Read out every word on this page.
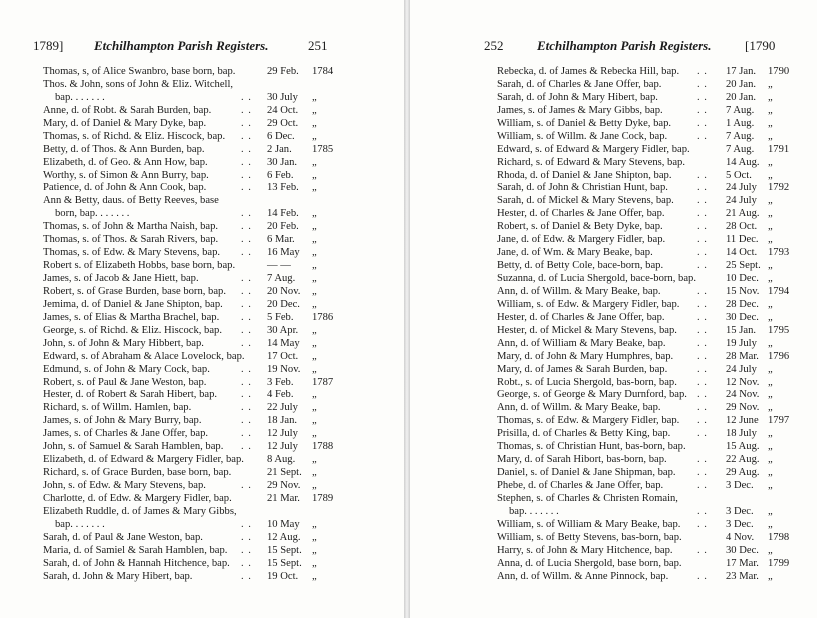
1789] Etchilhampton Parish Registers.	251
Thomas, s, of Alice Swanbro, base born, bap.	29 Feb. 1784
Thos. & John, sons of John & Eliz. Witchell,
bap. . . . . . .	. . 30 July „
Anne, d. of Robt. & Sarah Burden, bap.	. . 24 Oct. „
Mary, d. of Daniel & Mary Dyke, bap.	. . 29 Oct. „
Thomas, s. of Richd. & Eliz. Hiscock, bap. . . 6 Dec. „
Betty, d. of Thos. & Ann Burden, bap.	. . 2 Jan. 1785
Elizabeth, d. of Geo. & Ann How, bap.	. . 30 Jan. „
Worthy, s. of Simon & Ann Burry, bap.	. . 6 Feb. „
Patience, d. of John & Ann Cook, bap.	. . 13 Feb. „
Ann & Betty, daus. of Betty Reeves, base
born, bap. . . . . . .	. . 14 Feb. „
Thomas, s. of John & Martha Naish, bap. . . 20 Feb. „
Thomas, s. of Thos. & Sarah Rivers, bap. . . 6 Mar. „
Thomas, s. of Edw. & Mary Stevens, bap. . . 16 May „
Robert s. of Elizabeth Hobbs, base born, bap.	— — „
James, s. of Jacob & Jane Hiett, bap.	. . 7 Aug. „
Robert, s. of Grase Burden, base born, bap. . . 20 Nov. „
Jemima, d. of Daniel & Jane Shipton, bap. . . 20 Dec. „
James, s. of Elias & Martha Brachel, bap. . . 5 Feb. 1786
George, s. of Richd. & Eliz. Hiscock, bap. . . 30 Apr. „
John, s. of John & Mary Hibbert, bap.	. . 14 May „
Edward, s. of Abraham & Alace Lovelock, bap. 17 Oct. „
Edmund, s. of John & Mary Cock, bap.	. . 19 Nov. „
Robert, s. of Paul & Jane Weston, bap.	. . 3 Feb. 1787
Hester, d. of Robert & Sarah Hibert, bap. . . 4 Feb. „
Richard, s. of Willm. Hamlen, bap.	. . 22 July „
James, s. of John & Mary Burry, bap.	. . 18 Jan. „
James, s. of Charles & Jane Offer, bap.	. . 12 July „
John, s. of Samuel & Sarah Hamblen, bap. . . 12 July 1788
Elizabeth, d. of Edward & Margery Fidler, bap. 8 Aug. „
Richard, s. of Grace Burden, base born, bap.	21 Sept. „
John, s. of Edw. & Mary Stevens, bap.	. . 29 Nov. „
Charlotte, d. of Edw. & Margery Fidler, bap.	21 Mar. 1789
Elizabeth Ruddle, d. of James & Mary Gibbs,
bap. . . . . . .	. . 10 May „
Sarah, d. of Paul & Jane Weston, bap.	. . 12 Aug. „
Maria, d. of Samiel & Sarah Hamblen, bap. . . 15 Sept. „
Sarah, d. of John & Hannah Hitchence, bap. . . 15 Sept. „
Sarah, d. John & Mary Hibert, bap.	. . 19 Oct. „
252	Etchilhampton Parish Registers.	[1790
Rebecka, d. of James & Rebecka Hill, bap. . . 17 Jan. 1790
Sarah, d. of Charles & Jane Offer, bap.	. . 20 Jan. „
Sarah, d. of John & Mary Hibert, bap.	. . 20 Jan. „
James, s. of James & Mary Gibbs, bap.	. . 7 Aug. „
William, s. of Daniel & Betty Dyke, bap. . . 1 Aug. „
William, s. of Willm. & Jane Cock, bap.	. . 7 Aug. „
Edward, s. of Edward & Margery Fidler, bap.	7 Aug. 1791
Richard, s. of Edward & Mary Stevens, bap.	14 Aug. „
Rhoda, d. of Daniel & Jane Shipton, bap. . . 5 Oct. „
Sarah, d. of John & Christian Hunt, bap.	. . 24 July 1792
Sarah, d. of Mickel & Mary Stevens, bap. . . 24 July „
Hester, d. of Charles & Jane Offer, bap.	. . 21 Aug. „
Robert, s. of Daniel & Bety Dyke, bap.	. . 28 Oct. „
Jane, d. of Edw. & Margery Fidler, bap.	. . 11 Dec. „
Jane, d. of Wm. & Mary Beake, bap.	. . 14 Oct. 1793
Betty, d. of Betty Cole, bace-born, bap.	. . 25 Sept. „
Suzanna, d. of Lucia Shergold, bace-born, bap.	10 Dec. „
Ann, d. of Willm. & Mary Beake, bap.	. . 15 Nov. 1794
William, s. of Edw. & Margery Fidler, bap. . . 28 Dec. „
Hester, d. of Charles & Jane Offer, bap.	. . 30 Dec. „
Hester, d. of Mickel & Mary Stevens, bap. . . 15 Jan. 1795
Ann, d. of William & Mary Beake, bap.	. . 19 July „
Mary, d. of John & Mary Humphres, bap. . . 28 Mar. 1796
Mary, d. of James & Sarah Burden, bap.	. . 24 July „
Robt., s. of Lucia Shergold, bas-born, bap. . . 12 Nov. „
George, s. of George & Mary Durnford, bap. . . 24 Nov. „
Ann, d. of Willm. & Mary Beake, bap.	. . 29 Nov. „
Thomas, s. of Edw. & Margery Fidler, bap. . . 12 June 1797
Prisilla, d. of Charles & Betty King, bap.	. . 18 July „
Thomas, s. of Christian Hunt, bas-born, bap.	15 Aug. „
Mary, d. of Sarah Hibort, bas-born, bap.	. . 22 Aug. „
Daniel, s. of Daniel & Jane Shipman, bap. . . 29 Aug. „
Phebe, d. of Charles & Jane Offer, bap.	. . 3 Dec. „
Stephen, s. of Charles & Christen Romain,
bap. . . . . . .	. . 3 Dec. „
William, s. of William & Mary Beake, bap. . . 3 Dec. „
William, s. of Betty Stevens, bas-born, bap.	4 Nov. 1798
Harry, s. of John & Mary Hitchence, bap. . . 30 Dec. „
Anna, d. of Lucia Shergold, base born, bap.	17 Mar. 1799
Ann, d. of Willm. & Anne Pinnock, bap.	. . 23 Mar. „
